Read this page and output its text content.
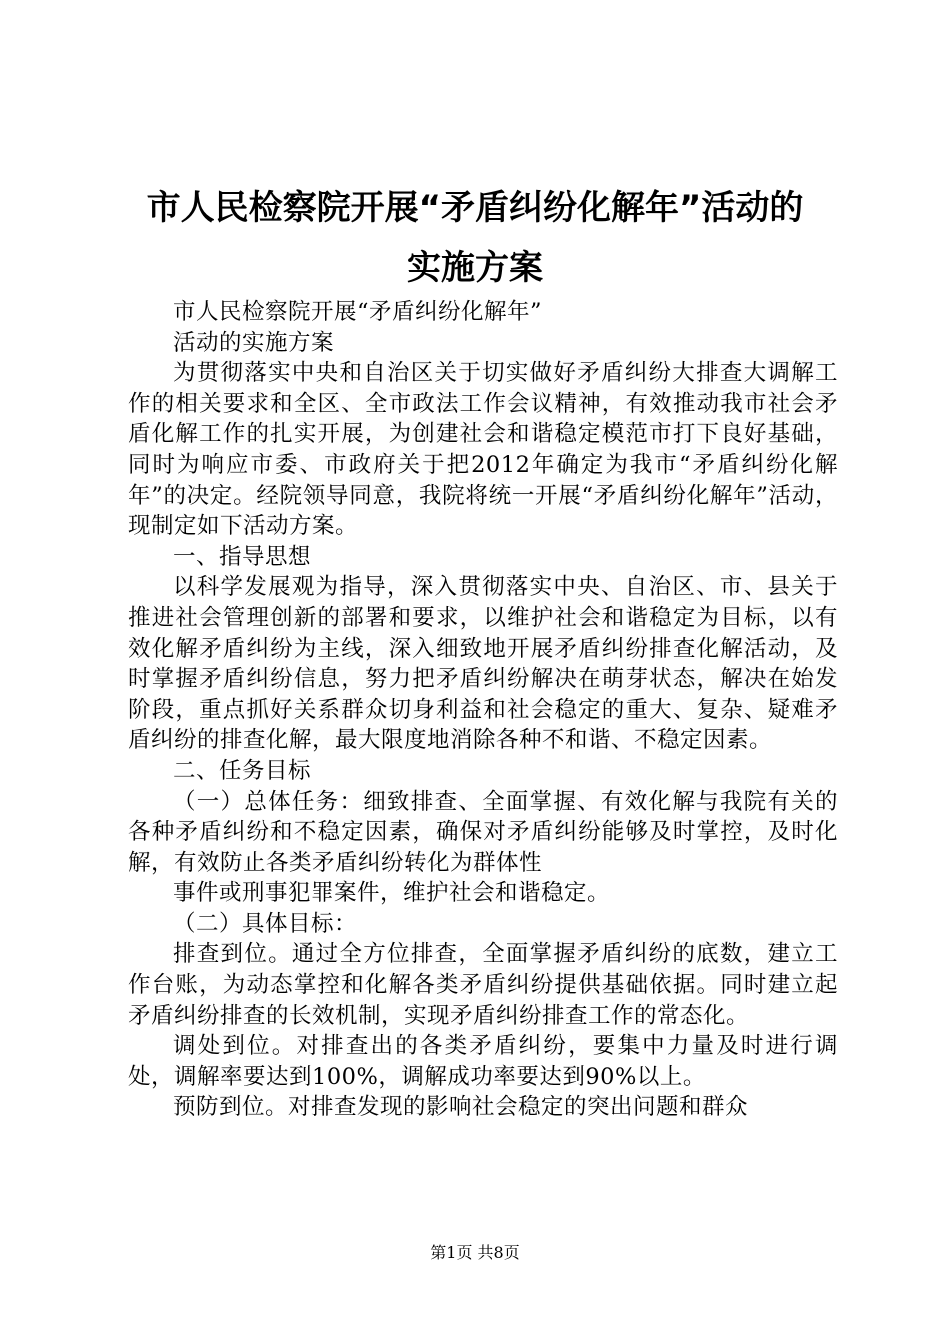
市人民检察院开展“矛盾纠纷化解年”活动的
实施方案

市人民检察院开展“矛盾纠纷化解年”

活动的实施方案

为贯彻落实中央和自治区关于切实做好矛盾纠纷大排查大调解工作的相关要求和全区、全市政法工作会议精神，有效推动我市社会矛盾化解工作的扎实开展，为创建社会和谐稳定模范市打下良好基础，同时为响应市委、市政府关于把2012年确定为我市“矛盾纠纷化解年”的决定。经院领导同意，我院将统一开展“矛盾纠纷化解年”活动，现制定如下活动方案。

一、指导思想

以科学发展观为指导，深入贯彻落实中央、自治区、市、县关于推进社会管理创新的部署和要求，以维护社会和谐稳定为目标，以有效化解矛盾纠纷为主线，深入细致地开展矛盾纠纷排查化解活动，及时掌握矛盾纠纷信息，努力把矛盾纠纷解决在萌芽状态，解决在始发阶段，重点抓好关系群众切身利益和社会稳定的重大、复杂、疑难矛盾纠纷的排查化解，最大限度地消除各种不和谐、不稳定因素。

二、任务目标

（一）总体任务：细致排查、全面掌握、有效化解与我院有关的各种矛盾纠纷和不稳定因素，确保对矛盾纠纷能够及时掌控，及时化解，有效防止各类矛盾纠纷转化为群体性

事件或刑事犯罪案件，维护社会和谐稳定。

（二）具体目标：

排查到位。通过全方位排查，全面掌握矛盾纠纷的底数，建立工作台账，为动态掌控和化解各类矛盾纠纷提供基础依据。同时建立起矛盾纠纷排查的长效机制，实现矛盾纠纷排查工作的常态化。

调处到位。对排查出的各类矛盾纠纷，要集中力量及时进行调处，调解率要达到100%，调解成功率要达到90%以上。

预防到位。对排查发现的影响社会稳定的突出问题和群众

第1页 共8页
